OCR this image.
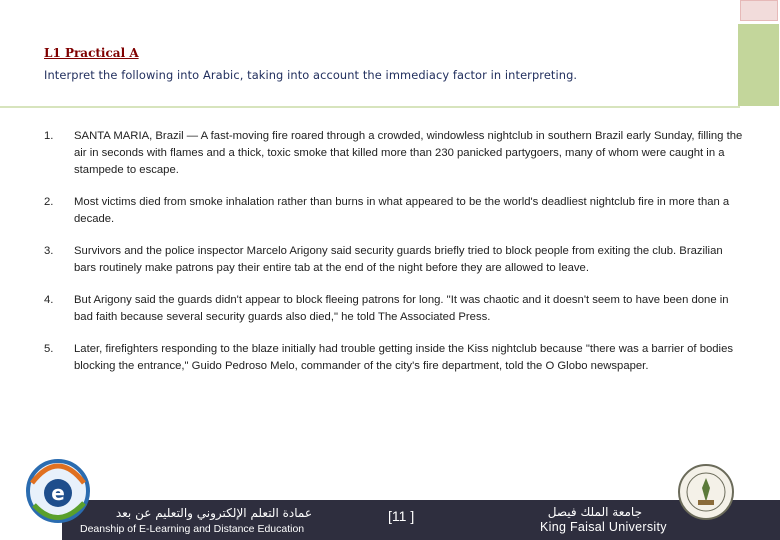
L1 Practical A
Interpret the following into Arabic, taking into account the immediacy factor in interpreting.
1.	SANTA MARIA, Brazil — A fast-moving fire roared through a crowded, windowless nightclub in southern Brazil early Sunday, filling the air in seconds with flames and a thick, toxic smoke that killed more than 230 panicked partygoers, many of whom were caught in a stampede to escape.
2.	Most victims died from smoke inhalation rather than burns in what appeared to be the world's deadliest nightclub fire in more than a decade.
3.	Survivors and the police inspector Marcelo Arigony said security guards briefly tried to block people from exiting the club. Brazilian bars routinely make patrons pay their entire tab at the end of the night before they are allowed to leave.
4.	But Arigony said the guards didn't appear to block fleeing patrons for long. "It was chaotic and it doesn't seem to have been done in bad faith because several security guards also died," he told The Associated Press.
5.	Later, firefighters responding to the blaze initially had trouble getting inside the Kiss nightclub because "there was a barrier of bodies blocking the entrance," Guido Pedroso Melo, commander of the city's fire department, told the O Globo newspaper.
e
عمادة التعلم الإلكتروني والتعليم عن بعد
Deanship of E-Learning and Distance Education
[11 ]	جامعة الملك فيصل
King Faisal University
